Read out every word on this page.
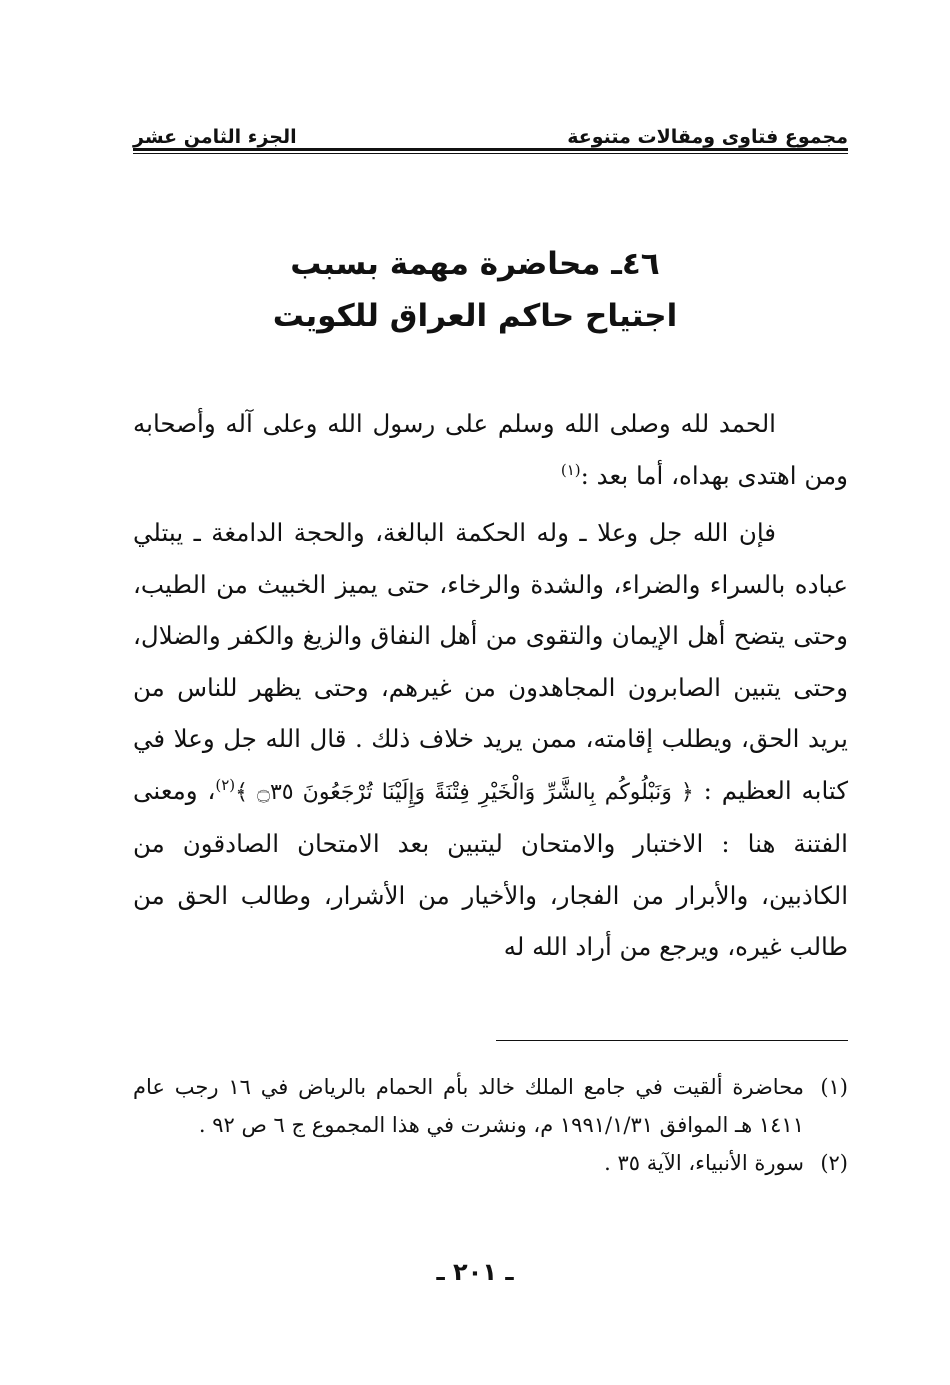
مجموع فتاوى ومقالات متنوعة
الجزء الثامن عشر
٤٦ـ محاضرة مهمة بسبب
اجتياح حاكم العراق للكويت

الحمد لله وصلى الله وسلم على رسول الله وعلى آله وأصحابه ومن اهتدى بهداه، أما بعد :$^{(١)}$

فإن الله جل وعلا ـ وله الحكمة البالغة، والحجة الدامغة ـ يبتلي عباده بالسراء والضراء، والشدة والرخاء، حتى يميز الخبيث من الطيب، وحتى يتضح أهل الإيمان والتقوى من أهل النفاق والزيغ والكفر والضلال، وحتى يتبين الصابرون المجاهدون من غيرهم، وحتى يظهر للناس من يريد الحق، ويطلب إقامته، ممن يريد خلاف ذلك . قال الله جل وعلا في كتابه العظيم : ﴿ وَنَبْلُوكُم بِالشَّرِّ وَالْخَيْرِ فِتْنَةً وَإِلَيْنَا تُرْجَعُونَ ۝٣٥ ﴾$^{(٢)}$، ومعنى الفتنة هنا : الاختبار والامتحان ليتبين بعد الامتحان الصادقون من الكاذبين، والأبرار من الفجار، والأخيار من الأشرار، وطالب الحق من طالب غيره، ويرجع من أراد الله له

(١)
محاضرة ألقيت في جامع الملك خالد بأم الحمام بالرياض في ١٦ رجب عام ١٤١١ هـ الموافق ١٩٩١/١/٣١ م، ونشرت في هذا المجموع ج ٦ ص ٩٢ .
(٢)
سورة الأنبياء، الآية ٣٥ .
ـ ٢٠١ ـ
